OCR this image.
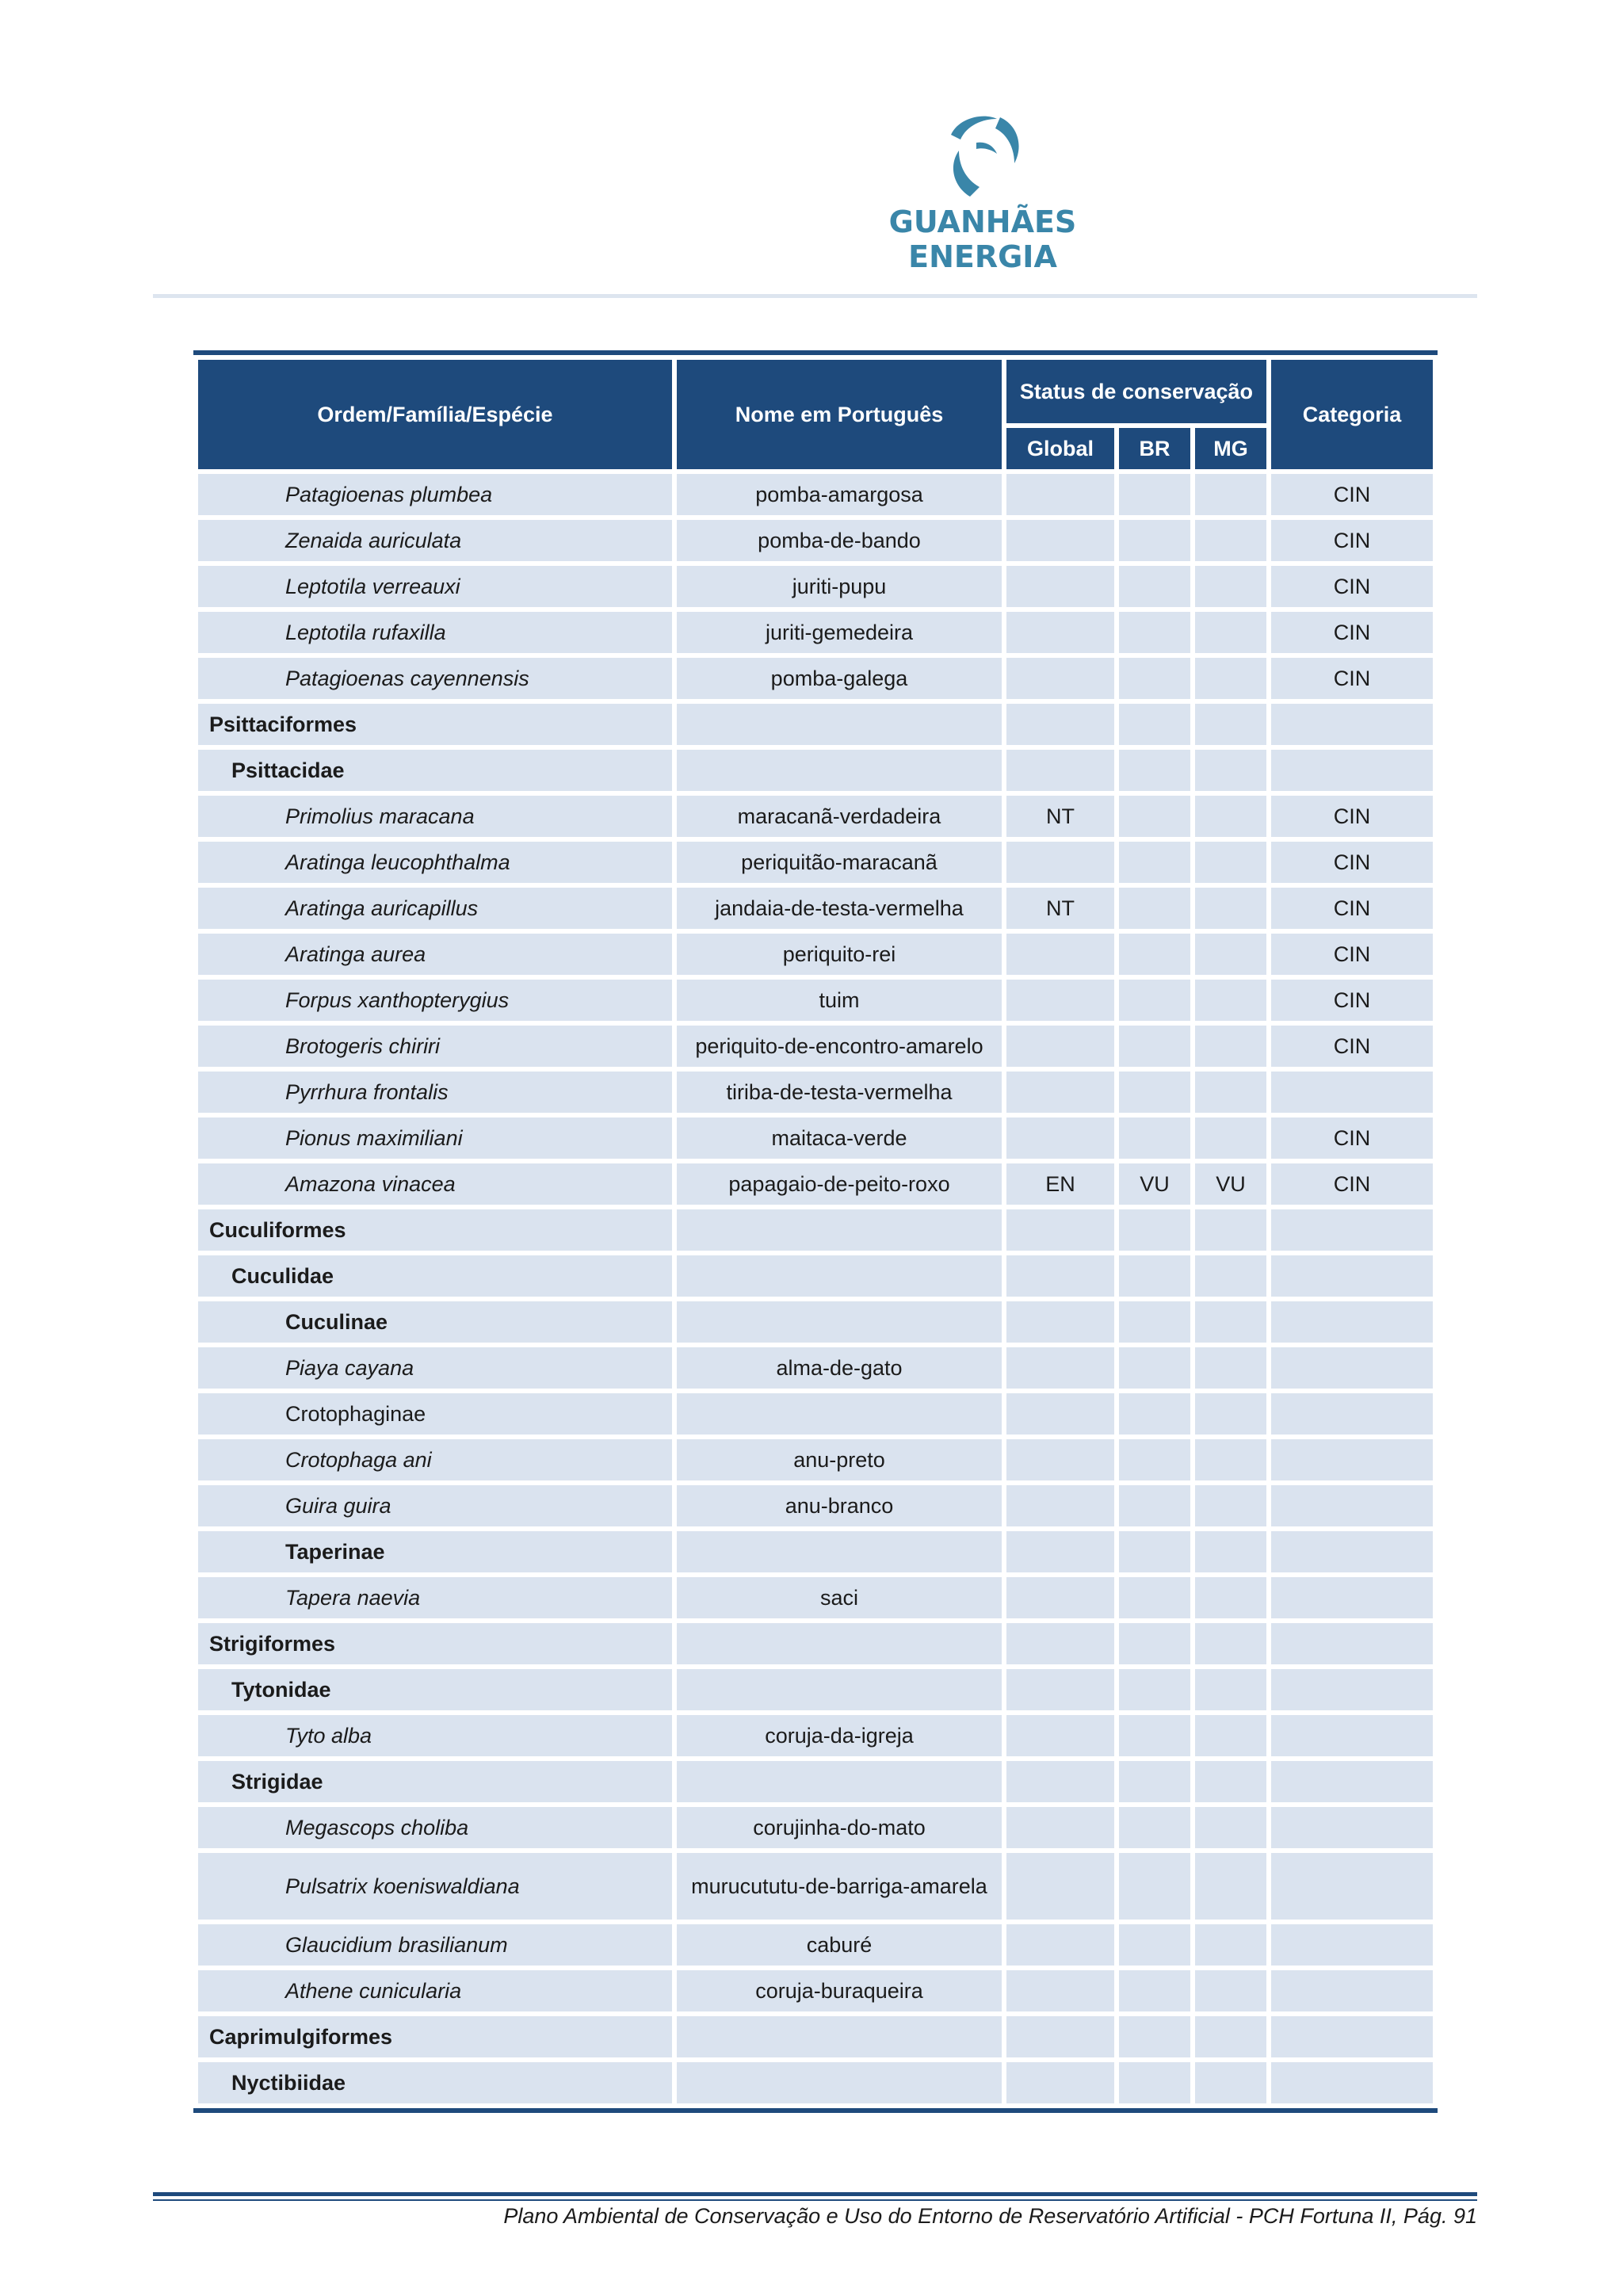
GUANHÃES ENERGIA
Ordem/Família/Espécie	Nome em Português	Status de conservação			Categoria
		Global	BR	MG	
Patagioenas plumbea	pomba-amargosa				CIN
Zenaida auriculata	pomba-de-bando				CIN
Leptotila verreauxi	juriti-pupu				CIN
Leptotila rufaxilla	juriti-gemedeira				CIN
Patagioenas cayennensis	pomba-galega				CIN
Psittaciformes					
Psittacidae					
Primolius maracana	maracanã-verdadeira	NT			CIN
Aratinga leucophthalma	periquitão-maracanã				CIN
Aratinga auricapillus	jandaia-de-testa-vermelha	NT			CIN
Aratinga aurea	periquito-rei				CIN
Forpus xanthopterygius	tuim				CIN
Brotogeris chiriri	periquito-de-encontro-amarelo				CIN
Pyrrhura frontalis	tiriba-de-testa-vermelha				
Pionus maximiliani	maitaca-verde				CIN
Amazona vinacea	papagaio-de-peito-roxo	EN	VU	VU	CIN
Cuculiformes					
Cuculidae					
Cuculinae					
Piaya cayana	alma-de-gato				
Crotophaginae					
Crotophaga ani	anu-preto				
Guira guira	anu-branco				
Taperinae					
Tapera naevia	saci				
Strigiformes					
Tytonidae					
Tyto alba	coruja-da-igreja				
Strigidae					
Megascops choliba	corujinha-do-mato				
Pulsatrix koeniswaldiana	murucututu-de-barriga-amarela				
Glaucidium brasilianum	caburé				
Athene cunicularia	coruja-buraqueira				
Caprimulgiformes					
Nyctibiidae					
Plano Ambiental de Conservação e Uso do Entorno de Reservatório Artificial - PCH Fortuna II, Pág. 91
